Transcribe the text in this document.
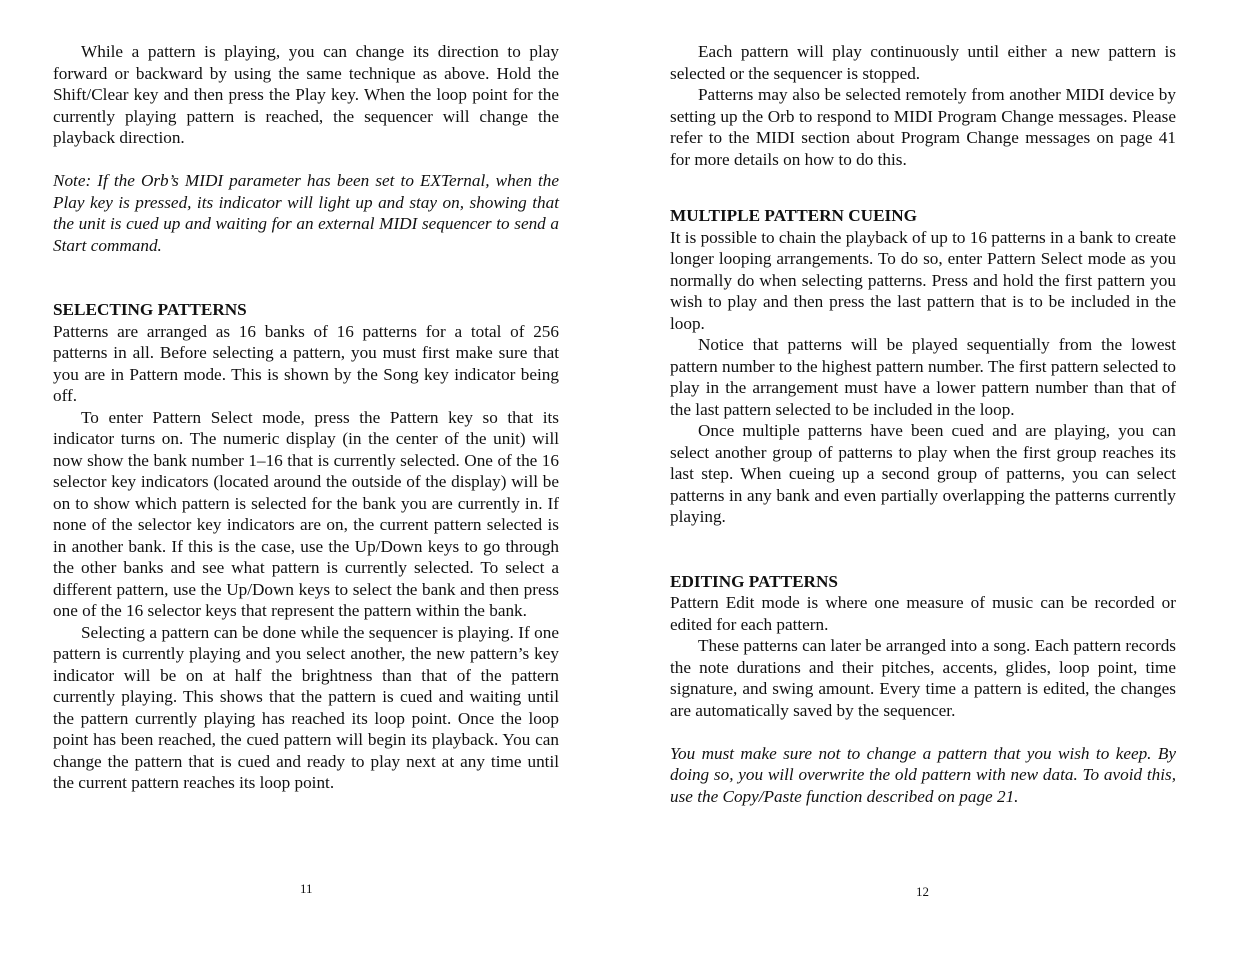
While a pattern is playing, you can change its direction to play forward or backward by using the same technique as above. Hold the Shift/Clear key and then press the Play key. When the loop point for the currently playing pattern is reached, the sequencer will change the playback direction.

Note: If the Orb’s MIDI parameter has been set to EXTernal, when the Play key is pressed, its indicator will light up and stay on, showing that the unit is cued up and waiting for an external MIDI sequencer to send a Start command.

SELECTING PATTERNS

Patterns are arranged as 16 banks of 16 patterns for a total of 256 patterns in all. Before selecting a pattern, you must first make sure that you are in Pattern mode. This is shown by the Song key indicator being off.

To enter Pattern Select mode, press the Pattern key so that its indicator turns on. The numeric display (in the center of the unit) will now show the bank number 1–16 that is currently selected. One of the 16 selector key indicators (located around the outside of the display) will be on to show which pattern is selected for the bank you are currently in. If none of the selector key indicators are on, the current pattern selected is in another bank. If this is the case, use the Up/Down keys to go through the other banks and see what pattern is currently selected. To select a different pattern, use the Up/Down keys to select the bank and then press one of the 16 selector keys that represent the pattern within the bank.

Selecting a pattern can be done while the sequencer is playing. If one pattern is currently playing and you select another, the new pattern’s key indicator will be on at half the brightness than that of the pattern currently playing. This shows that the pattern is cued and waiting until the pattern currently playing has reached its loop point. Once the loop point has been reached, the cued pattern will begin its playback. You can change the pattern that is cued and ready to play next at any time until the current pattern reaches its loop point.

Each pattern will play continuously until either a new pattern is selected or the sequencer is stopped.

Patterns may also be selected remotely from another MIDI device by setting up the Orb to respond to MIDI Program Change messages. Please refer to the MIDI section about Program Change messages on page 41 for more details on how to do this.

MULTIPLE PATTERN CUEING

It is possible to chain the playback of up to 16 patterns in a bank to create longer looping arrangements. To do so, enter Pattern Select mode as you normally do when selecting patterns. Press and hold the first pattern you wish to play and then press the last pattern that is to be included in the loop.

Notice that patterns will be played sequentially from the lowest pattern number to the highest pattern number. The first pattern selected to play in the arrangement must have a lower pattern number than that of the last pattern selected to be included in the loop.

Once multiple patterns have been cued and are playing, you can select another group of patterns to play when the first group reaches its last step. When cueing up a second group of patterns, you can select patterns in any bank and even partially overlapping the patterns currently playing.

EDITING PATTERNS

Pattern Edit mode is where one measure of music can be recorded or edited for each pattern.

These patterns can later be arranged into a song. Each pattern records the note durations and their pitches, accents, glides, loop point, time signature, and swing amount. Every time a pattern is edited, the changes are automatically saved by the sequencer.

You must make sure not to change a pattern that you wish to keep. By doing so, you will overwrite the old pattern with new data. To avoid this, use the Copy/Paste function described on page 21.

11	12
